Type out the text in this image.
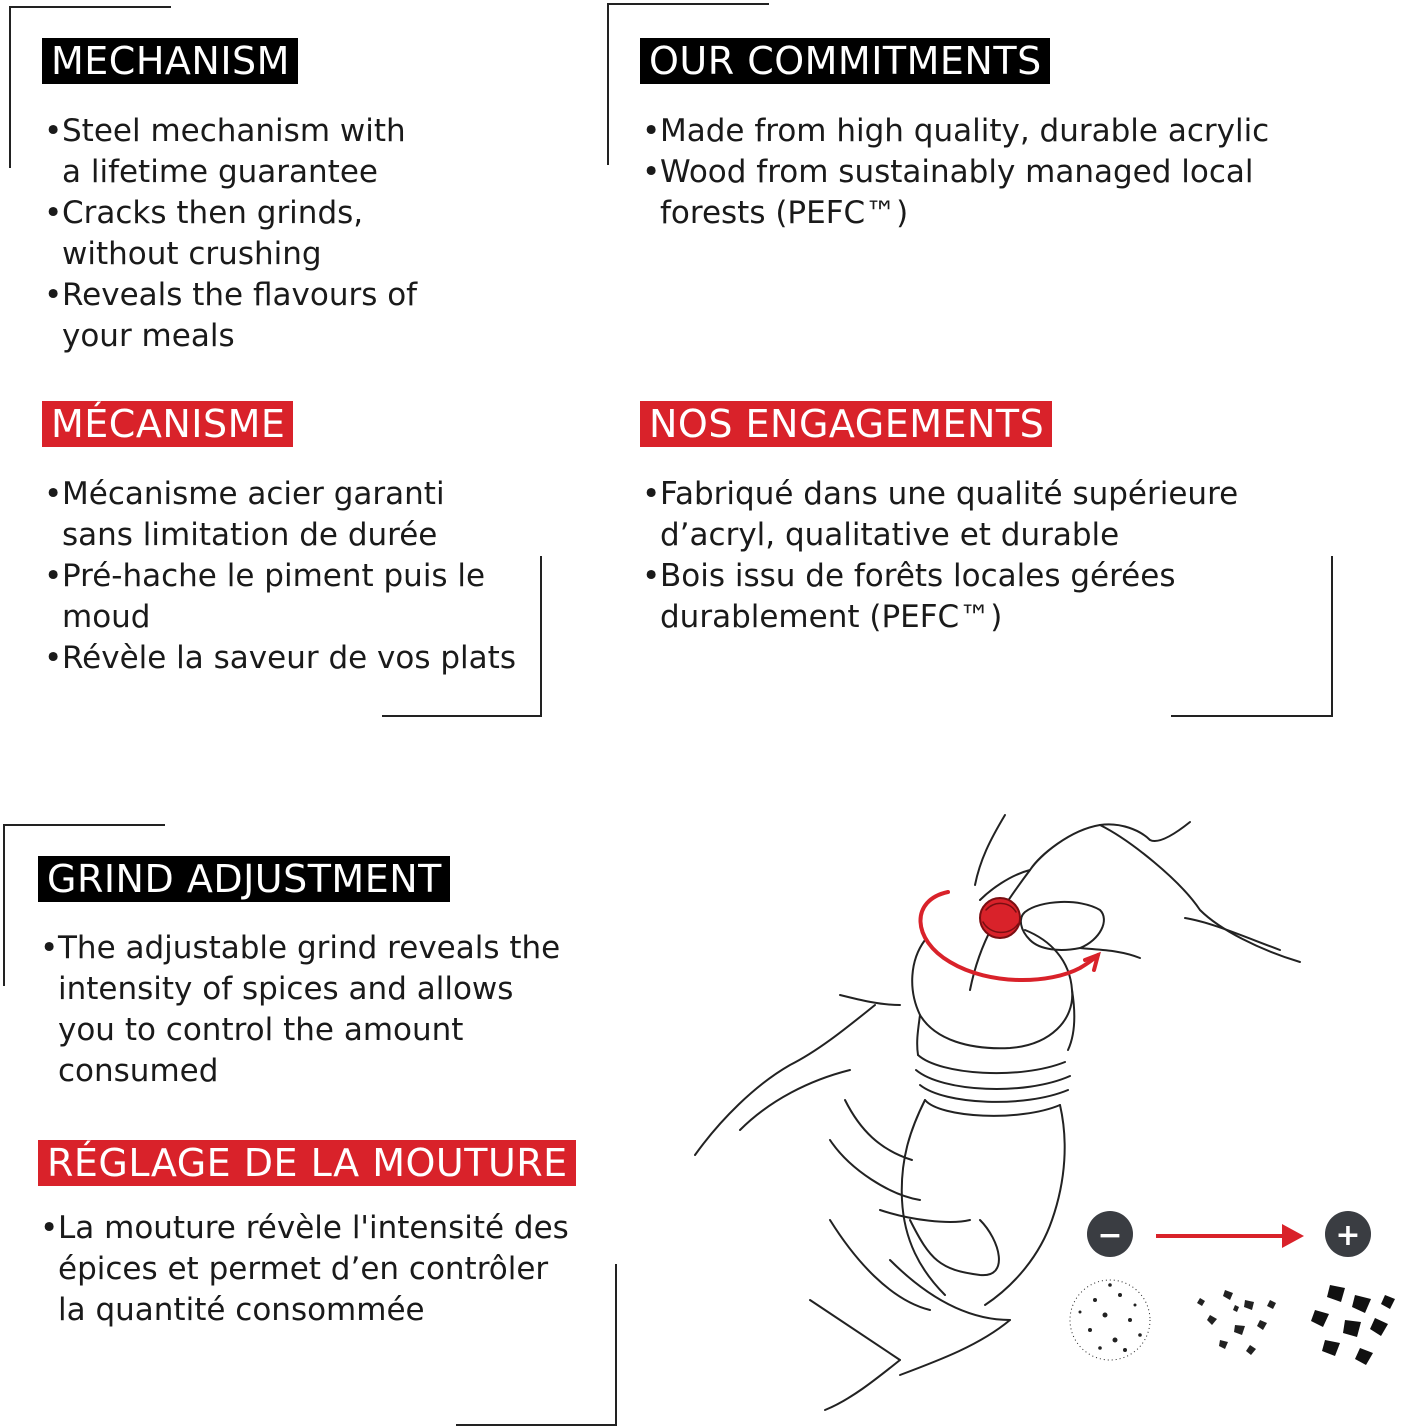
MECHANISM
• Steel mechanism with
a lifetime guarantee
• Cracks then grinds,
without crushing
• Reveals the flavours of
your meals
OUR COMMITMENTS
• Made from high quality, durable acrylic
• Wood from sustainably managed local
forests (PEFC™)
MÉCANISME
• Mécanisme acier garanti
sans limitation de durée
• Pré-hache le piment puis le
moud
• Révèle la saveur de vos plats
NOS ENGAGEMENTS
• Fabriqué dans une qualité supérieure
d’acryl, qualitative et durable
• Bois issu de forêts locales gérées
durablement (PEFC™)
GRIND ADJUSTMENT
• The adjustable grind reveals the
intensity of spices and allows
you to control the amount
consumed
RÉGLAGE DE LA MOUTURE
• La mouture révèle l'intensité des
épices et permet d’en contrôler
la quantité consommée
−	+
